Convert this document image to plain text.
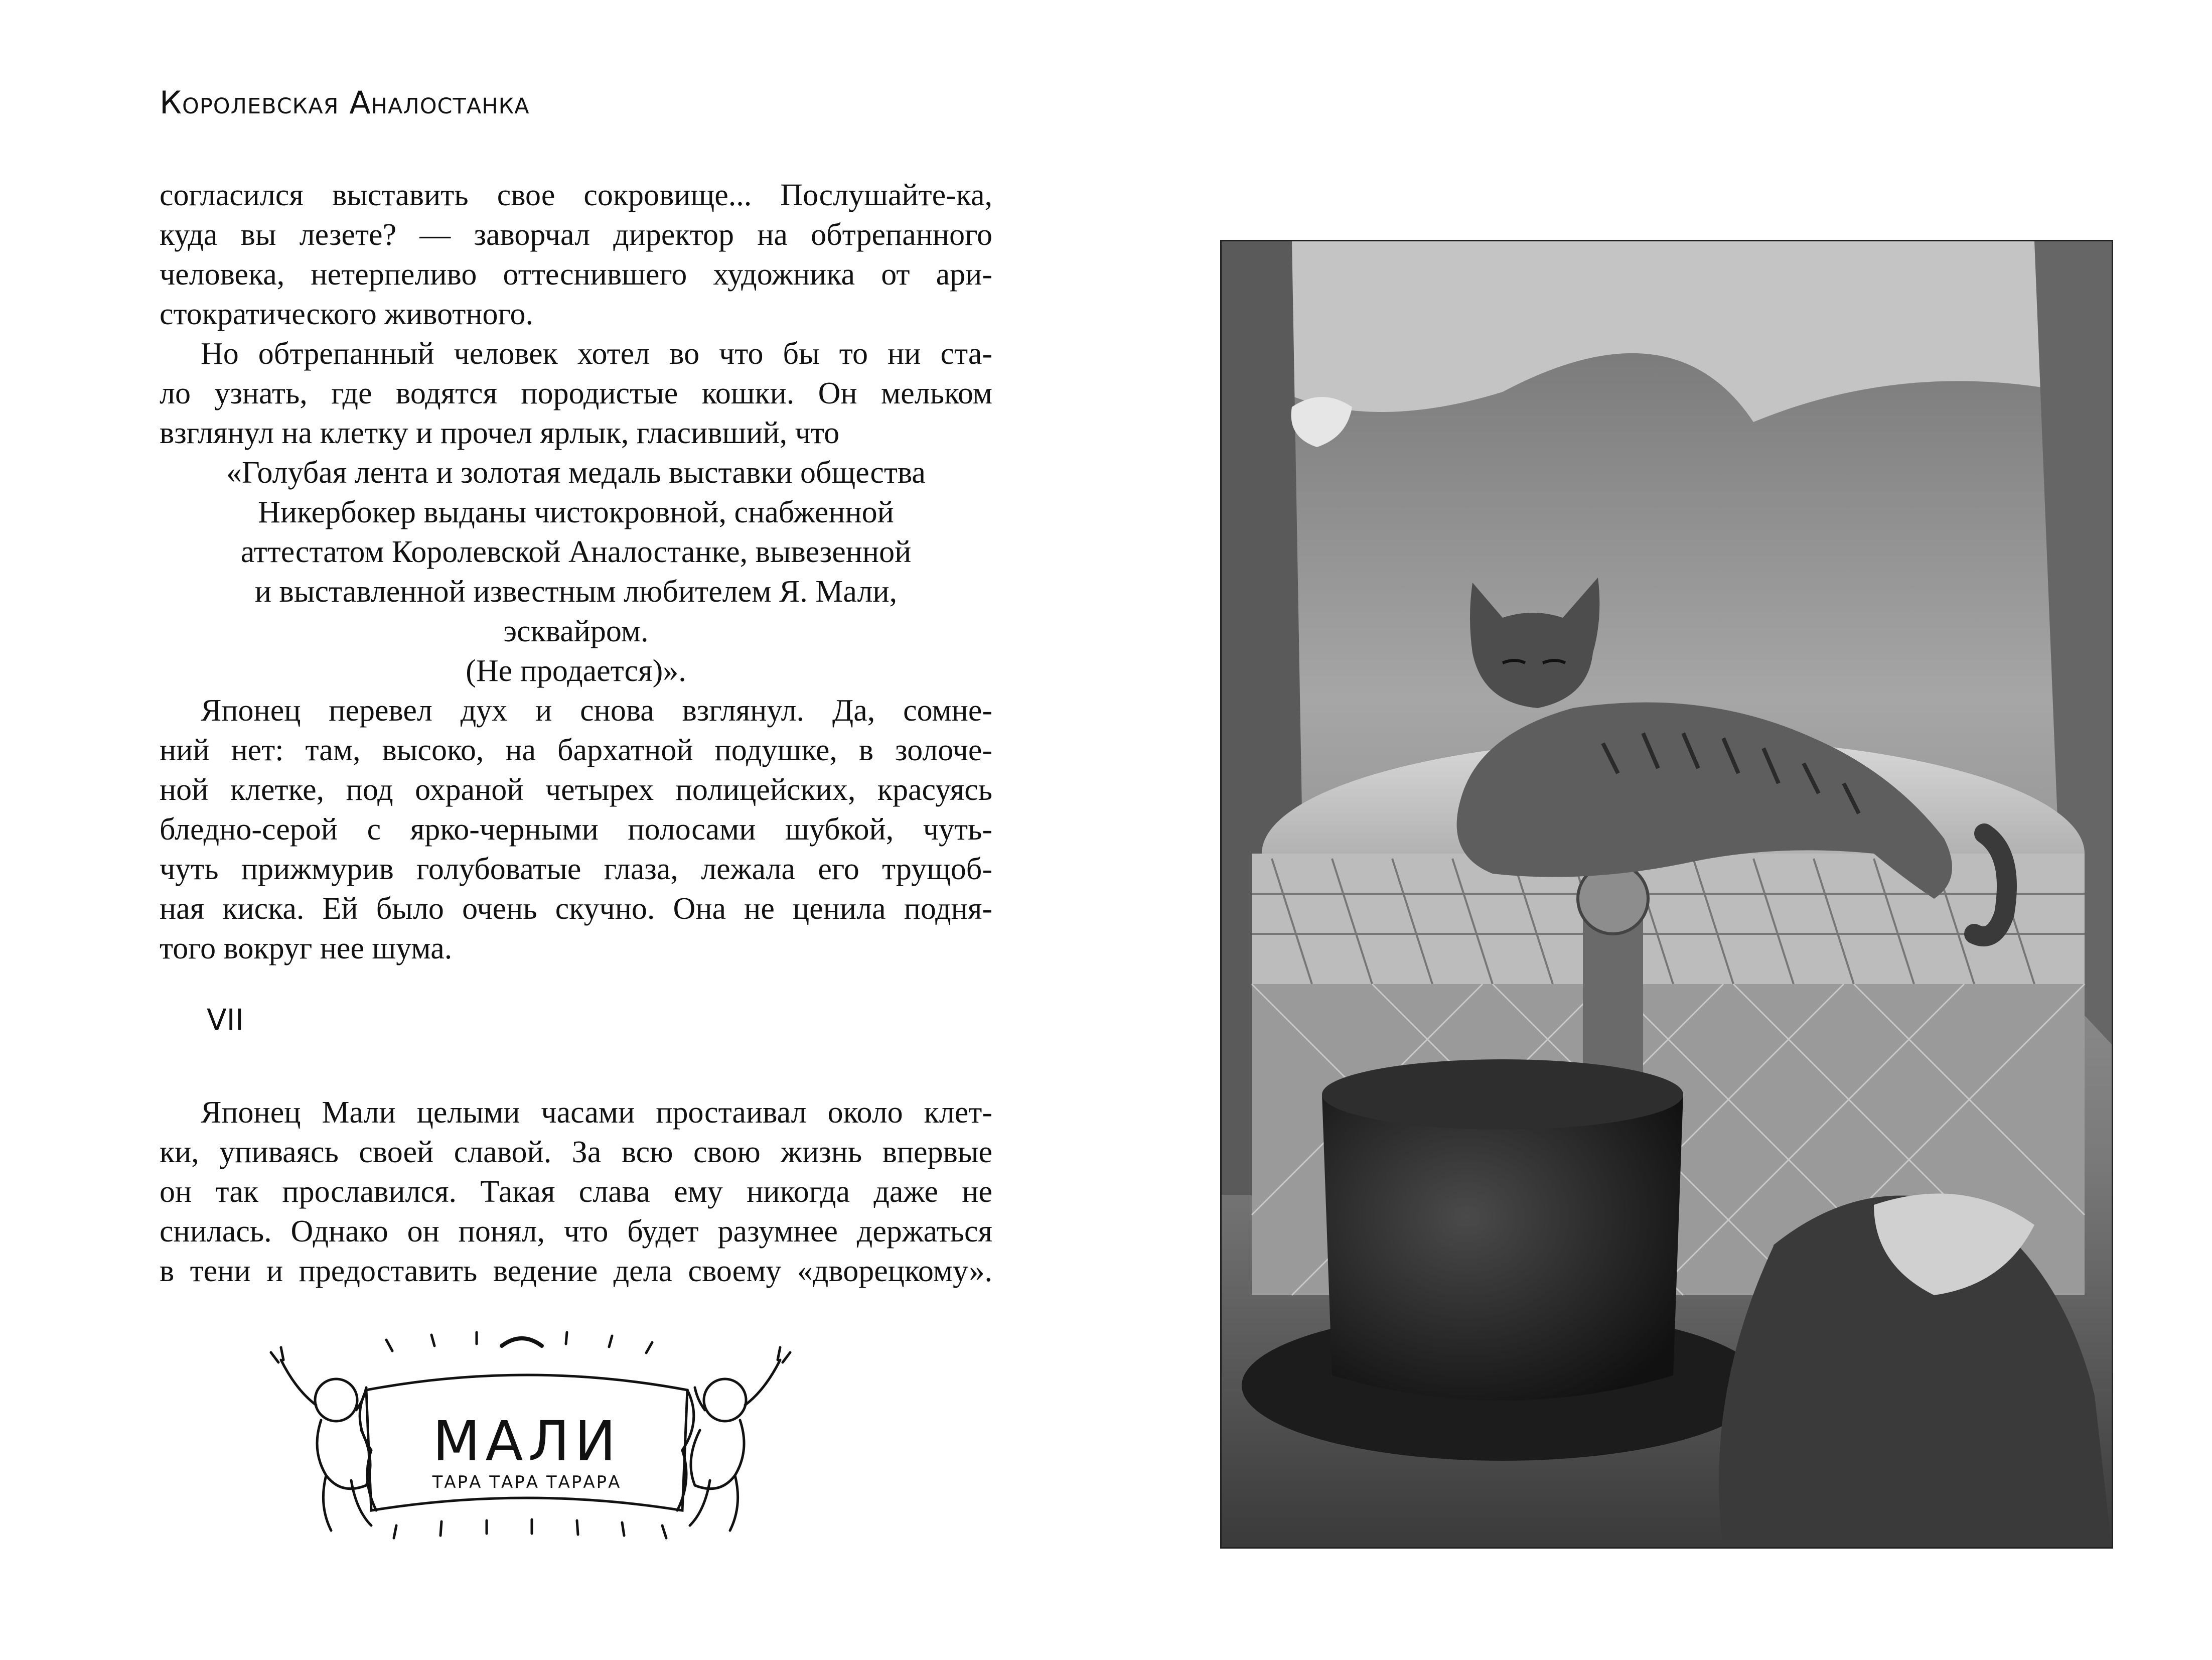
Королевская Аналостанка
согласился выставить свое сокровище... Послушайте-ка,
куда вы лезете? — заворчал директор на обтрепанного
человека, нетерпеливо оттеснившего художника от ари-
стократического животного.
Но обтрепанный человек хотел во что бы то ни ста-
ло узнать, где водятся породистые кошки. Он мельком
взглянул на клетку и прочел ярлык, гласивший, что
«Голубая лента и золотая медаль выставки общества
Никербокер выданы чистокровной, снабженной
аттестатом Королевской Аналостанке, вывезенной
и выставленной известным любителем Я. Мали,
эсквайром.
(Не продается)».
Японец перевел дух и снова взглянул. Да, сомне-
ний нет: там, высоко, на бархатной подушке, в золоче-
ной клетке, под охраной четырех полицейских, красуясь
бледно-серой с ярко-черными полосами шубкой, чуть-
чуть прижмурив голубоватые глаза, лежала его трущоб-
ная киска. Ей было очень скучно. Она не ценила подня-
того вокруг нее шума.
VII
Японец Мали целыми часами простаивал около клет-
ки, упиваясь своей славой. За всю свою жизнь впервые
он так прославился. Такая слава ему никогда даже не
снилась. Однако он понял, что будет разумнее держаться
в тени и предоставить ведение дела своему «дворецкому».
МАЛИ
ТАРА ТАРА ТАРАРА
